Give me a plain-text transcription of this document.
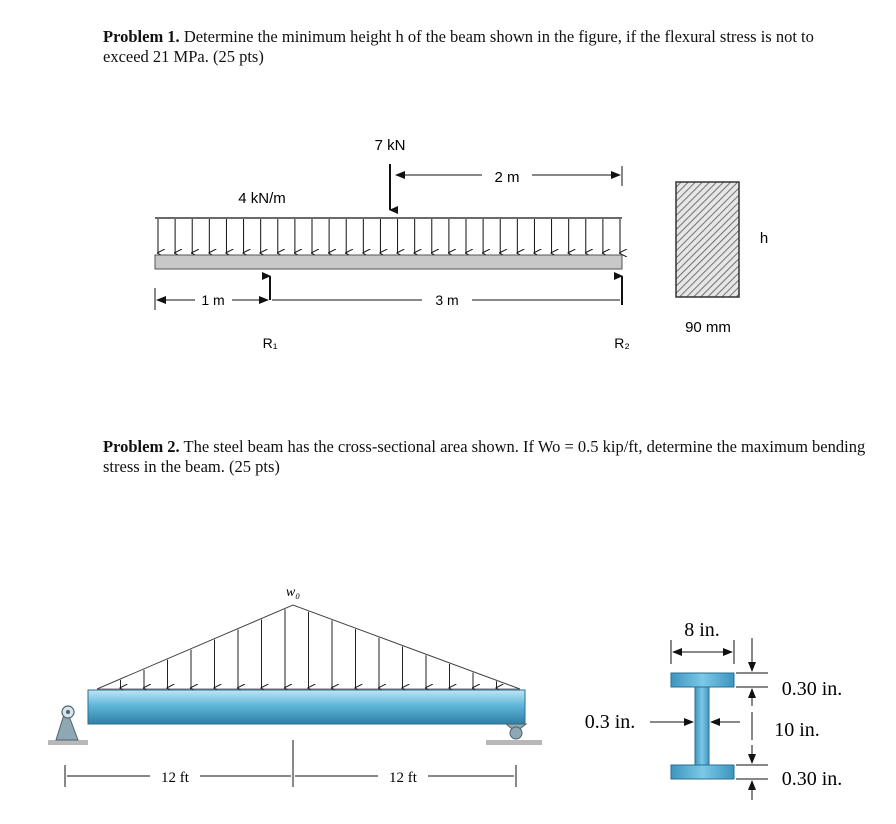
Problem 1. Determine the minimum height h of the beam shown in the figure, if the flexural stress is not to exceed 21 MPa. (25 pts)
Problem 2. The steel beam has the cross-sectional area shown. If Wo = 0.5 kip/ft, determine the maximum bending stress in the beam. (25 pts)
7 kN
2 m
4 kN/m
R₁	R₂
1 m	3 m
h
90 mm
w₀
12 ft	12 ft
8 in.
0.3 in.
0.30 in.
10 in.
0.30 in.
